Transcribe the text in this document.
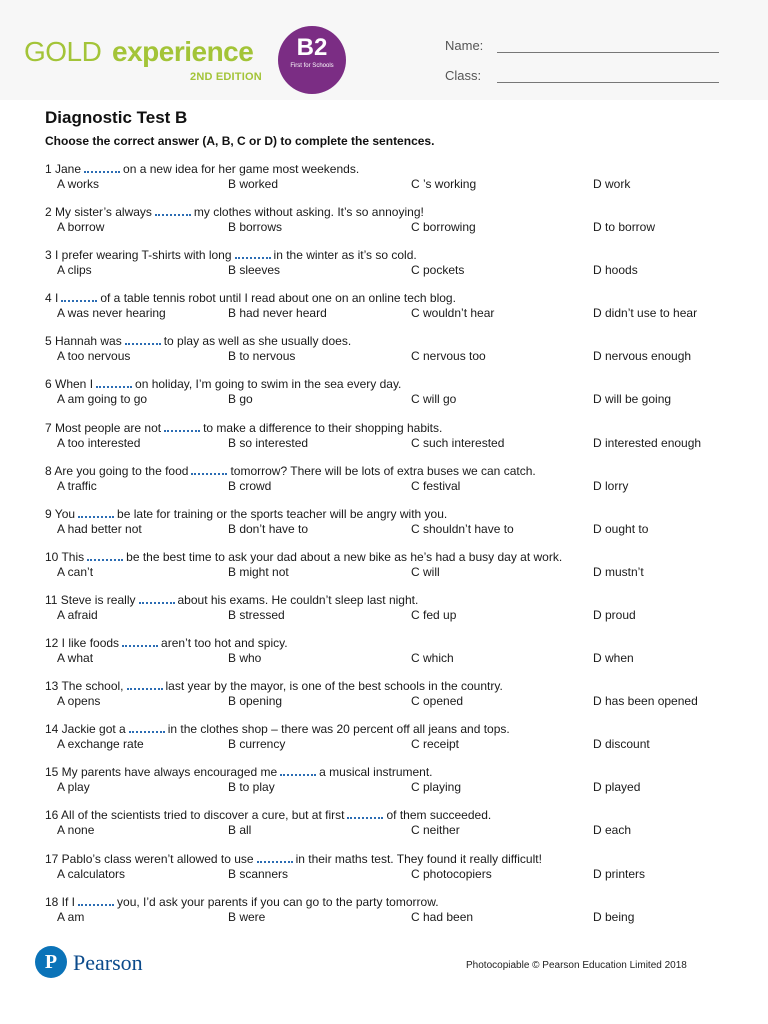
GOLD experience
2ND EDITION
B2
First for Schools
Name:
Class:
Diagnostic Test B
Choose the correct answer (A, B, C or D) to complete the sentences.
1 Jane	on a new idea for her game most weekends.
A works	B worked	C ’s working	D work
2 My sister’s always	my clothes without asking. It’s so annoying!
A borrow	B borrows	C borrowing	D to borrow
3 I prefer wearing T-shirts with long	in the winter as it’s so cold.
A clips	B sleeves	C pockets	D hoods
4 I	of a table tennis robot until I read about one on an online tech blog.
A was never hearing	B had never heard	C wouldn’t hear	D didn’t use to hear
5 Hannah was	to play as well as she usually does.
A too nervous	B to nervous	C nervous too	D nervous enough
6 When I	on holiday, I’m going to swim in the sea every day.
A am going to go	B go	C will go	D will be going
7 Most people are not	to make a difference to their shopping habits.
A too interested	B so interested	C such interested	D interested enough
8 Are you going to the food	tomorrow? There will be lots of extra buses we can catch.
A traffic	B crowd	C festival	D lorry
9 You	be late for training or the sports teacher will be angry with you.
A had better not	B don’t have to	C shouldn’t have to	D ought to
10 This	be the best time to ask your dad about a new bike as he’s had a busy day at work.
A can’t	B might not	C will	D mustn’t
11 Steve is really	about his exams. He couldn’t sleep last night.
A afraid	B stressed	C fed up	D proud
12 I like foods	aren’t too hot and spicy.
A what	B who	C which	D when
13 The school,	last year by the mayor, is one of the best schools in the country.
A opens	B opening	C opened	D has been opened
14 Jackie got a	in the clothes shop – there was 20 percent off all jeans and tops.
A exchange rate	B currency	C receipt	D discount
15 My parents have always encouraged me	a musical instrument.
A play	B to play	C playing	D played
16 All of the scientists tried to discover a cure, but at first	of them succeeded.
A none	B all	C neither	D each
17 Pablo’s class weren’t allowed to use	in their maths test. They found it really difficult!
A calculators	B scanners	C photocopiers	D printers
18 If I	you, I’d ask your parents if you can go to the party tomorrow.
A am	B were	C had been	D being
P Pearson	Photocopiable © Pearson Education Limited 2018
